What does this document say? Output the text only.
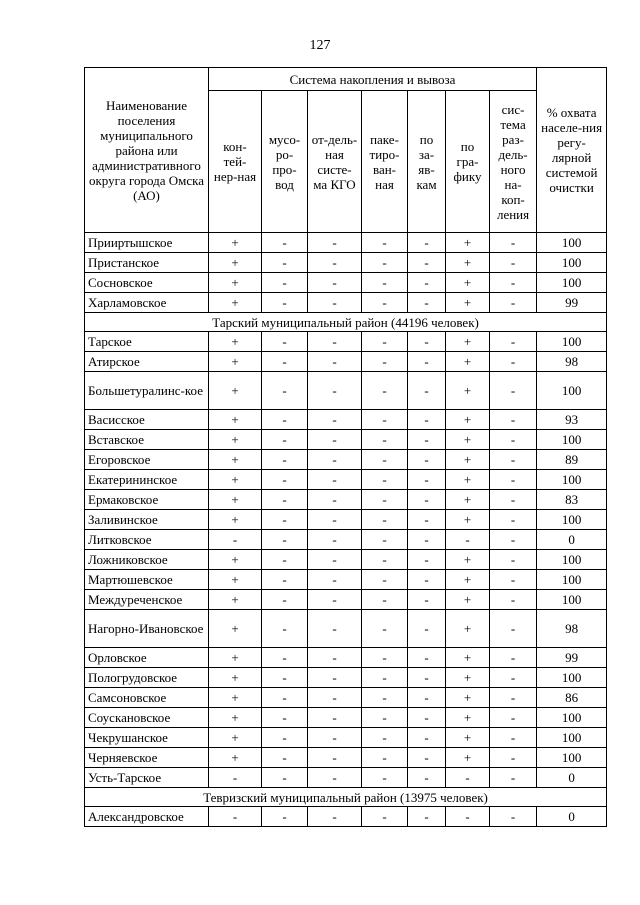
127
Наименование поселения муниципального района или административного округа города Омска (АО)	Система накопления и вывоза							% охвата населе-ния регу-лярной системой очистки
	кон-тей-нер-ная	мусо-ро-про-вод	от-дель-ная систе-ма КГО	паке-тиро-ван-ная	по за-яв-кам	по гра-фику	сис-тема раз-дель-ного на-коп-ления	
Прииртышское	+	-	-	-	-	+	-	100
Пристанское	+	-	-	-	-	+	-	100
Сосновское	+	-	-	-	-	+	-	100
Харламовское	+	-	-	-	-	+	-	99
Тарский муниципальный район (44196 человек)								
Тарское	+	-	-	-	-	+	-	100
Атирское	+	-	-	-	-	+	-	98
Большетуралинс-кое	+	-	-	-	-	+	-	100
Васисское	+	-	-	-	-	+	-	93
Вставское	+	-	-	-	-	+	-	100
Егоровское	+	-	-	-	-	+	-	89
Екатерининское	+	-	-	-	-	+	-	100
Ермаковское	+	-	-	-	-	+	-	83
Заливинское	+	-	-	-	-	+	-	100
Литковское	-	-	-	-	-	-	-	0
Ложниковское	+	-	-	-	-	+	-	100
Мартюшевское	+	-	-	-	-	+	-	100
Междуреченское	+	-	-	-	-	+	-	100
Нагорно-Ивановское	+	-	-	-	-	+	-	98
Орловское	+	-	-	-	-	+	-	99
Пологрудовское	+	-	-	-	-	+	-	100
Самсоновское	+	-	-	-	-	+	-	86
Соускановское	+	-	-	-	-	+	-	100
Чекрушанское	+	-	-	-	-	+	-	100
Черняевское	+	-	-	-	-	+	-	100
Усть-Тарское	-	-	-	-	-	-	-	0
Тевризский муниципальный район (13975 человек)								
Александровское	-	-	-	-	-	-	-	0
